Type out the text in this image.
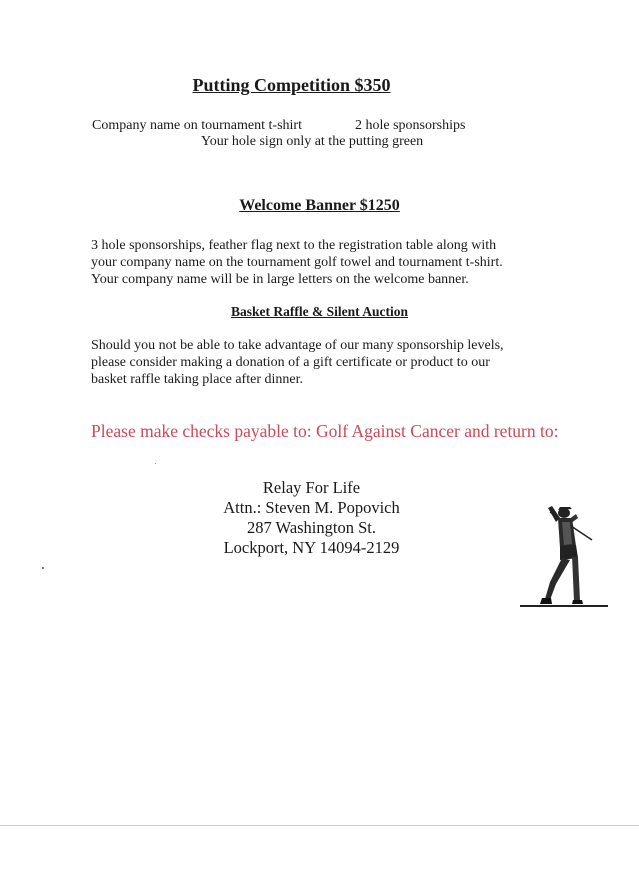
Putting Competition $350
Company name on tournament t-shirt	2 hole sponsorships
Your hole sign only at the putting green
Welcome Banner $1250
3 hole sponsorships, feather flag next to the registration table along with
your company name on the tournament golf towel and tournament t-shirt.
Your company name will be in large letters on the welcome banner.
Basket Raffle & Silent Auction
Should you not be able to take advantage of our many sponsorship levels,
please consider making a donation of a gift certificate or product to our
basket raffle taking place after dinner.
Please make checks payable to: Golf Against Cancer and return to:
Relay For Life
Attn.: Steven M. Popovich
287 Washington St.
Lockport, NY 14094-2129
